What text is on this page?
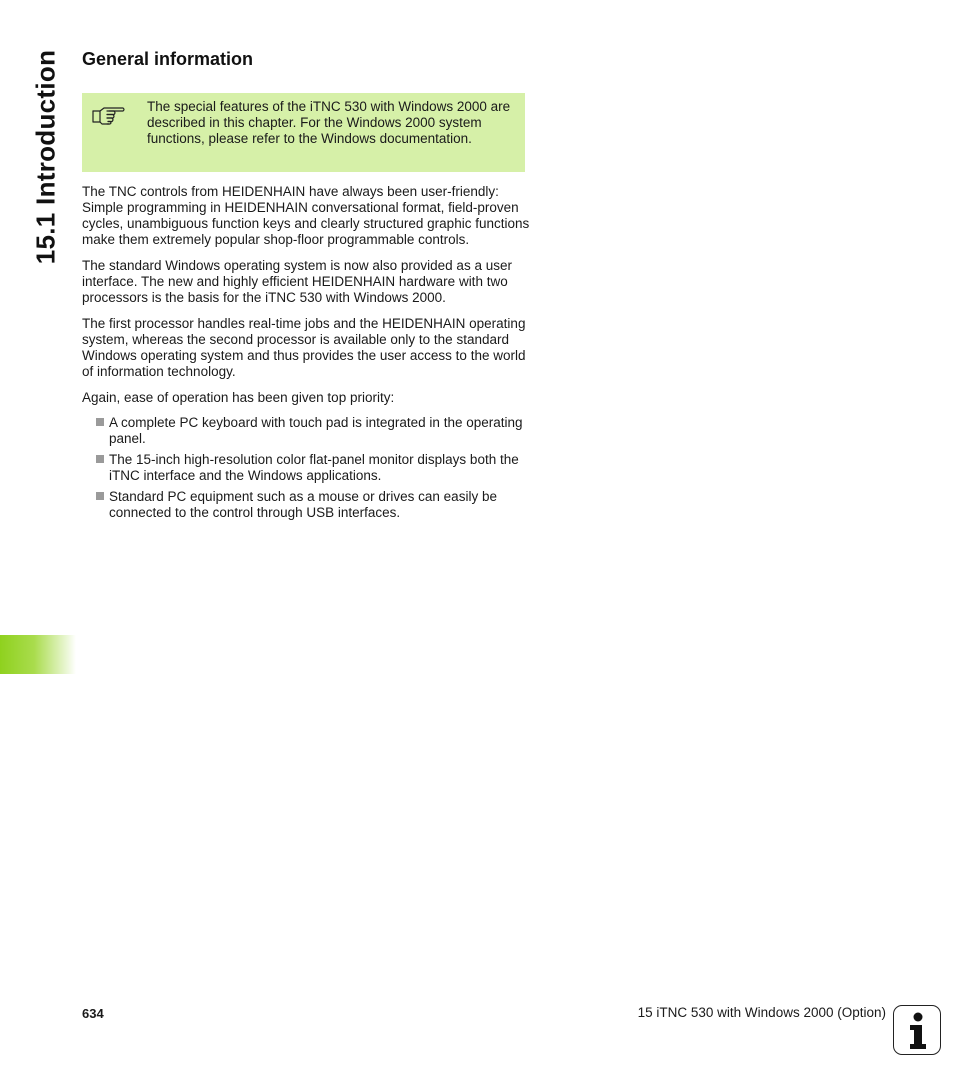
15.1 Introduction General information
The special features of the iTNC 530 with Windows 2000 are described in this chapter. For the Windows 2000 system functions, please refer to the Windows documentation.

The TNC controls from HEIDENHAIN have always been user-friendly: Simple programming in HEIDENHAIN conversational format, field-proven cycles, unambiguous function keys and clearly structured graphic functions make them extremely popular shop-floor programmable controls.

The standard Windows operating system is now also provided as a user interface. The new and highly efficient HEIDENHAIN hardware with two processors is the basis for the iTNC 530 with Windows 2000.

The first processor handles real-time jobs and the HEIDENHAIN operating system, whereas the second processor is available only to the standard Windows operating system and thus provides the user access to the world of information technology.

Again, ease of operation has been given top priority:

A complete PC keyboard with touch pad is integrated in the operating panel.
The 15-inch high-resolution color flat-panel monitor displays both the iTNC interface and the Windows applications.
Standard PC equipment such as a mouse or drives can easily be connected to the control through USB interfaces.
634	15 iTNC 530 with Windows 2000 (Option)
